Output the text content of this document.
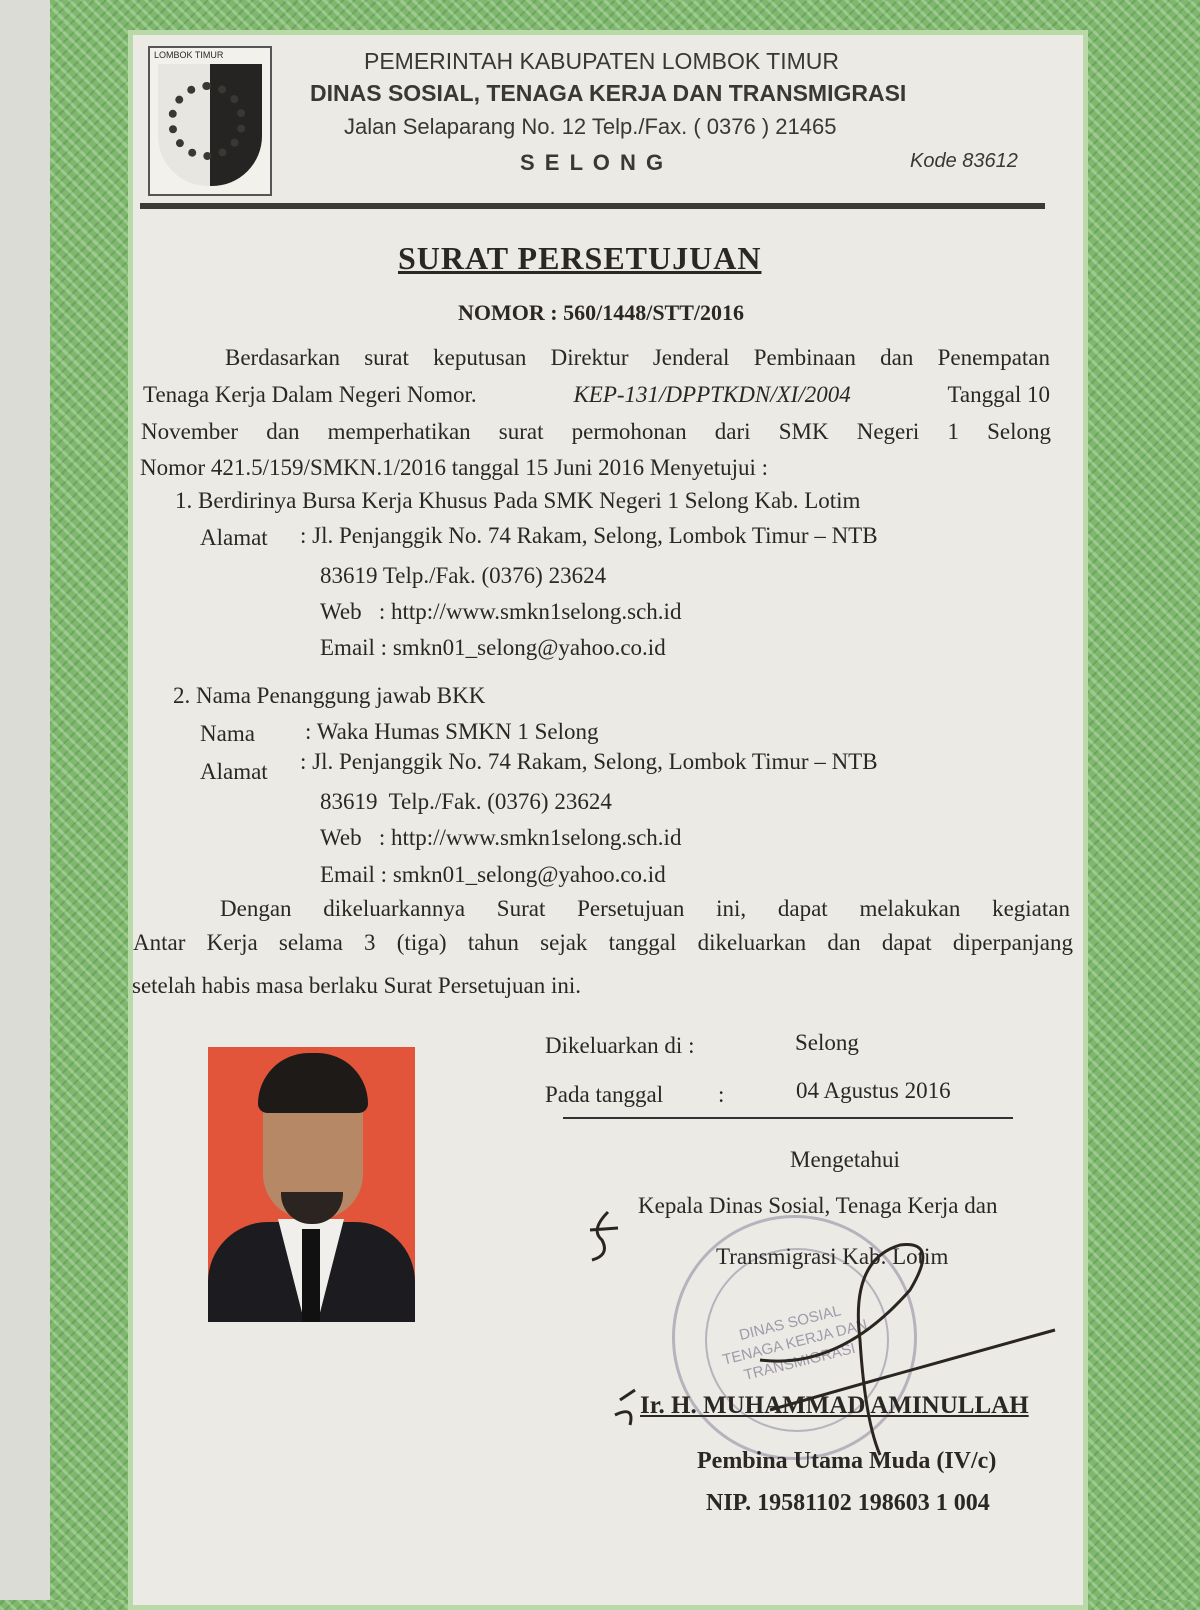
LOMBOK TIMUR	PEMERINTAH KABUPATEN LOMBOK TIMUR
DINAS SOSIAL, TENAGA KERJA DAN TRANSMIGRASI
Jalan Selaparang No. 12 Telp./Fax. ( 0376 ) 21465
S E L O N G	Kode 83612
SURAT PERSETUJUAN
NOMOR : 560/1448/STT/2016
Berdasarkan surat keputusan Direktur Jenderal Pembinaan dan Penempatan
Tenaga Kerja Dalam Negeri Nomor.	KEP-131/DPPTKDN/XI/2004	Tanggal 10
November dan memperhatikan surat permohonan dari SMK Negeri 1 Selong
Nomor 421.5/159/SMKN.1/2016 tanggal 15 Juni 2016 Menyetujui :
1. Berdirinya Bursa Kerja Khusus Pada SMK Negeri 1 Selong Kab. Lotim
Alamat : Jl. Penjanggik No. 74 Rakam, Selong, Lombok Timur – NTB
83619 Telp./Fak. (0376) 23624
Web   : http://www.smkn1selong.sch.id
Email : smkn01_selong@yahoo.co.id
2. Nama Penanggung jawab BKK
Nama : Waka Humas SMKN 1 Selong
Alamat : Jl. Penjanggik No. 74 Rakam, Selong, Lombok Timur – NTB
83619  Telp./Fak. (0376) 23624
Web   : http://www.smkn1selong.sch.id
Email : smkn01_selong@yahoo.co.id
Dengan dikeluarkannya Surat Persetujuan ini, dapat melakukan kegiatan
Antar Kerja selama 3 (tiga) tahun sejak tanggal dikeluarkan dan dapat diperpanjang
setelah habis masa berlaku Surat Persetujuan ini.
Dikeluarkan di :	Selong
Pada tanggal :	04 Agustus 2016
DINAS SOSIAL TENAGA KERJA DAN TRANSMIGRASI
Mengetahui
Kepala Dinas Sosial, Tenaga Kerja dan
Transmigrasi Kab. Lotim
Ir. H. MUHAMMAD AMINULLAH
Pembina Utama Muda (IV/c)
NIP. 19581102 198603 1 004
